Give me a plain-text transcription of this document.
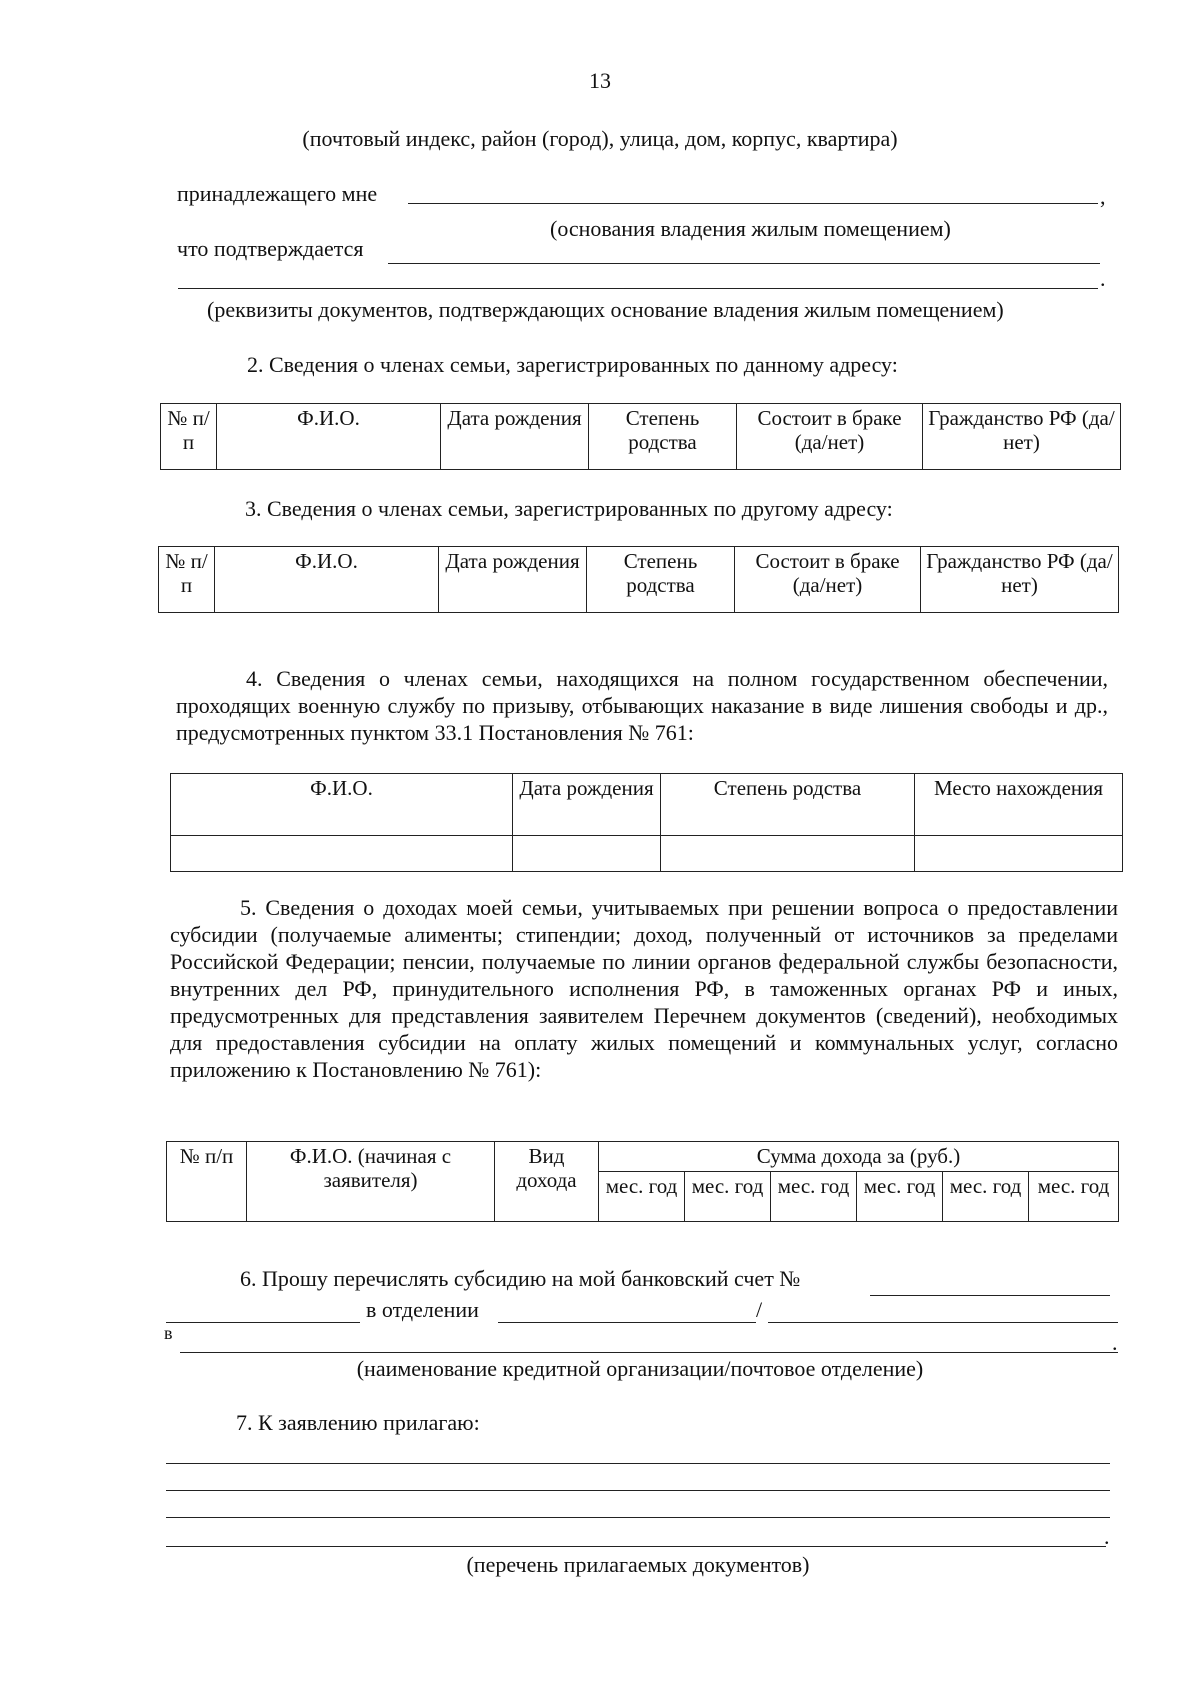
13
(почтовый индекс, район (город), улица, дом, корпус, квартира)
принадлежащего мне	,
(основания владения жилым помещением)
что подтверждается
.
(реквизиты документов, подтверждающих основание владения жилым помещением)
2. Сведения о членах семьи, зарегистрированных по данному адресу:
№ п/п	Ф.И.О.	Дата рождения	Степень родства	Состоит в браке (да/нет)	Гражданство РФ (да/нет)
3. Сведения о членах семьи, зарегистрированных по другому адресу:
№ п/п	Ф.И.О.	Дата рождения	Степень родства	Состоит в браке (да/нет)	Гражданство РФ (да/нет)
4. Сведения о членах семьи, находящихся на полном государственном обеспечении, проходящих военную службу по призыву, отбывающих наказание в виде лишения свободы и др., предусмотренных пунктом 33.1 Постановления № 761:
Ф.И.О.	Дата рождения	Степень родства	Место нахождения

5. Сведения о доходах моей семьи, учитываемых при решении вопроса о предоставлении субсидии (получаемые алименты; стипендии; доход, полученный от источников за пределами Российской Федерации; пенсии, получаемые по линии органов федеральной службы безопасности, внутренних дел РФ, принудительного исполнения РФ, в таможенных органах РФ и иных, предусмотренных для представления заявителем Перечнем документов (сведений), необходимых для предоставления субсидии на оплату жилых помещений и коммунальных услуг, согласно приложению к Постановлению № 761):
№ п/п	Ф.И.О. (начиная с заявителя)	Вид дохода	Сумма дохода за (руб.)					
			мес. год	мес. год	мес. год	мес. год	мес. год	мес. год
6. Прошу перечислять субсидию на мой банковский счет №
в отделении	/
в	.
(наименование кредитной организации/почтовое отделение)
7. К заявлению прилагаю:
.
(перечень прилагаемых документов)
